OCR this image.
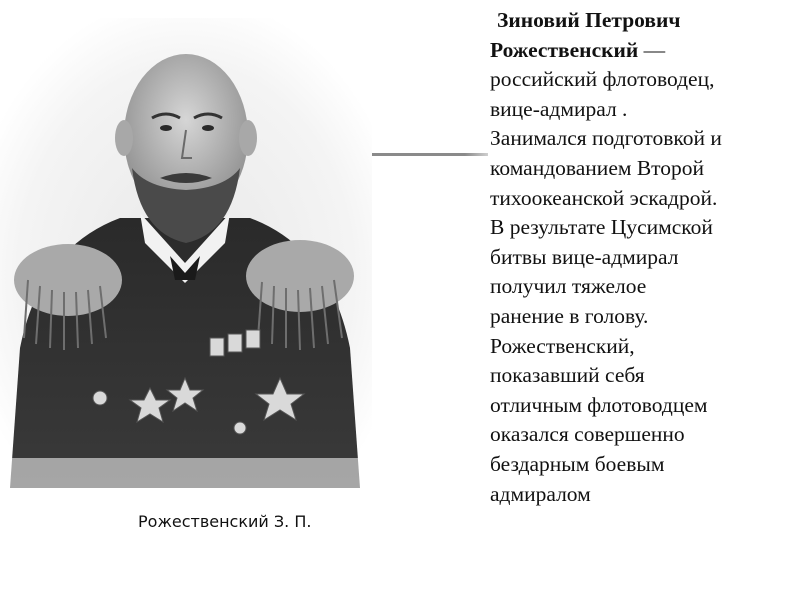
Рожественский З. П.
Зиновий Петрович
Рожественский —
российский флотоводец,
вице-адмирал .
Занимался подготовкой и
командованием Второй
тихоокеанской эскадрой.
В результате Цусимской
битвы вице-адмирал
получил тяжелое
ранение в голову.
Рожественский,
показавший себя
отличным флотоводцем
оказался совершенно
бездарным боевым
адмиралом
